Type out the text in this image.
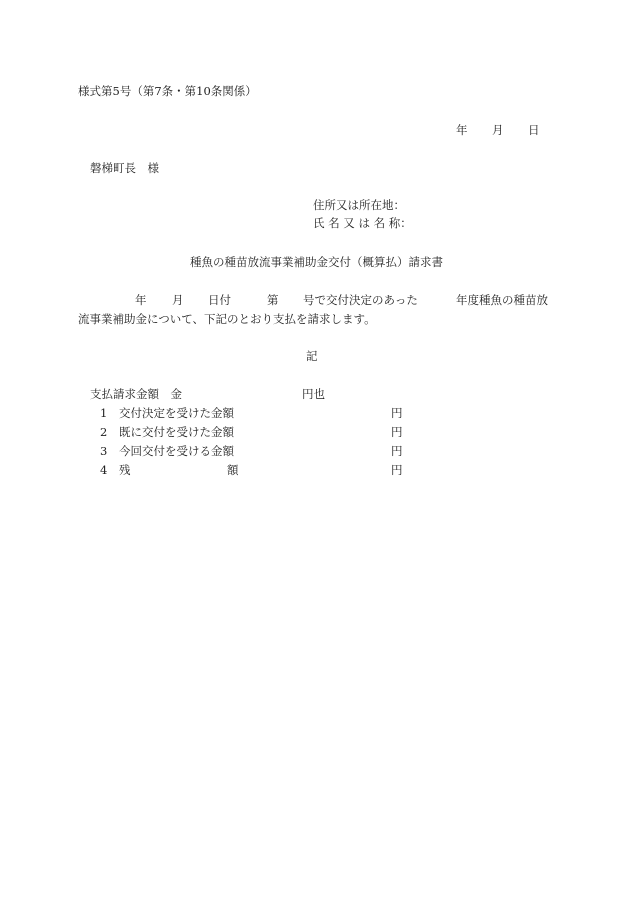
様式第5号（第7条・第10条関係）
年 月 日
磐梯町長　様
住所又は所在地：
氏 名 又 は 名 称：
種魚の種苗放流事業補助金交付（概算払）請求書
年 月 日付	第 号で交付決定のあった	年度種魚の種苗放
流事業補助金について、下記のとおり支払を請求します。
記
支払請求金額　金	円也
1 交付決定を受けた金額	円
2 既に交付を受けた金額	円
3 今回交付を受ける金額	円
4 残	額	円
